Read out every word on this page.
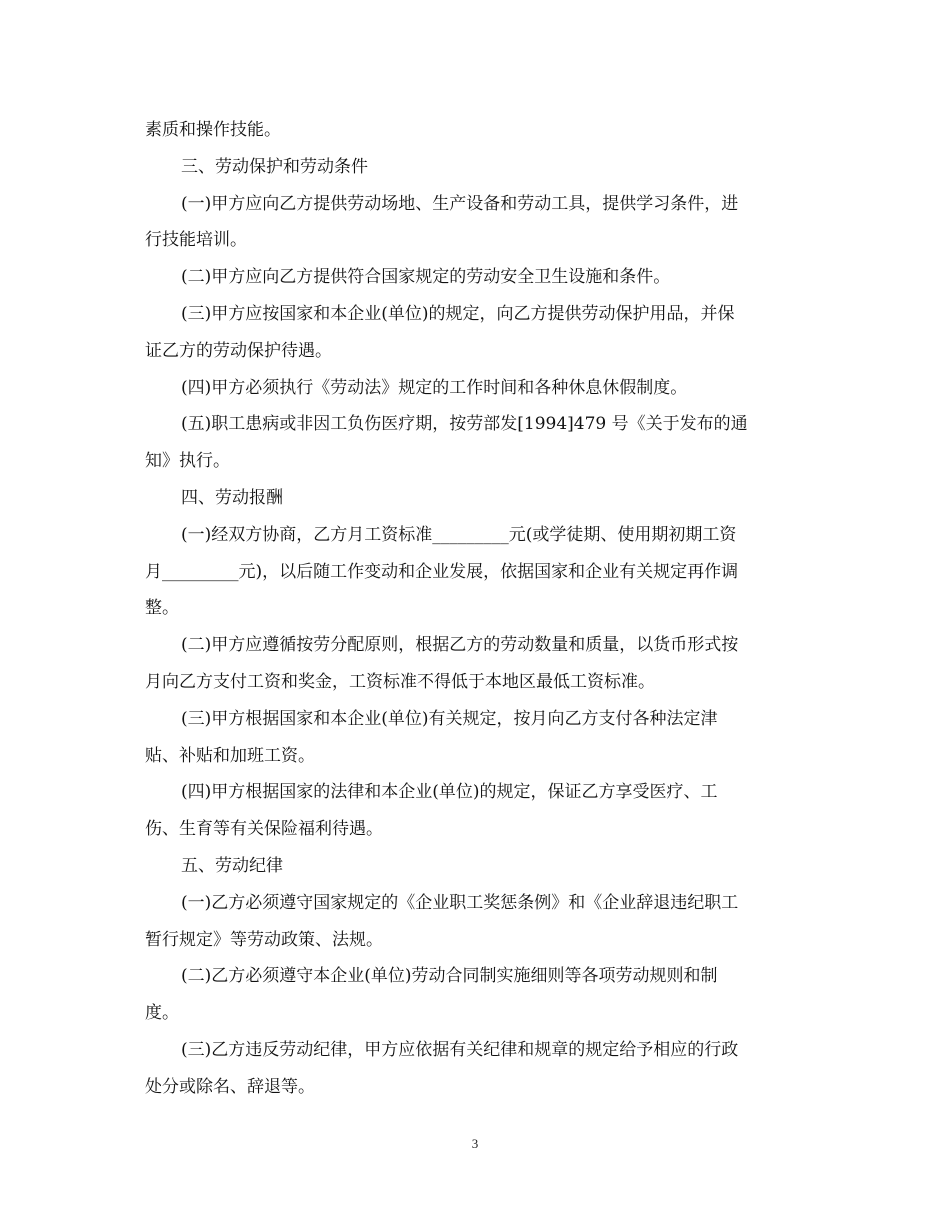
素质和操作技能。
三、劳动保护和劳动条件
(一)甲方应向乙方提供劳动场地、生产设备和劳动工具，提供学习条件，进
行技能培训。
(二)甲方应向乙方提供符合国家规定的劳动安全卫生设施和条件。
(三)甲方应按国家和本企业(单位)的规定，向乙方提供劳动保护用品，并保
证乙方的劳动保护待遇。
(四)甲方必须执行《劳动法》规定的工作时间和各种休息休假制度。
(五)职工患病或非因工负伤医疗期，按劳部发[1994]479 号《关于发布的通
知》执行。
四、劳动报酬
(一)经双方协商，乙方月工资标准_________元(或学徒期、使用期初期工资
月_________元)，以后随工作变动和企业发展，依据国家和企业有关规定再作调
整。
(二)甲方应遵循按劳分配原则，根据乙方的劳动数量和质量，以货币形式按
月向乙方支付工资和奖金，工资标准不得低于本地区最低工资标准。
(三)甲方根据国家和本企业(单位)有关规定，按月向乙方支付各种法定津
贴、补贴和加班工资。
(四)甲方根据国家的法律和本企业(单位)的规定，保证乙方享受医疗、工
伤、生育等有关保险福利待遇。
五、劳动纪律
(一)乙方必须遵守国家规定的《企业职工奖惩条例》和《企业辞退违纪职工
暂行规定》等劳动政策、法规。
(二)乙方必须遵守本企业(单位)劳动合同制实施细则等各项劳动规则和制
度。
(三)乙方违反劳动纪律，甲方应依据有关纪律和规章的规定给予相应的行政
处分或除名、辞退等。
3
